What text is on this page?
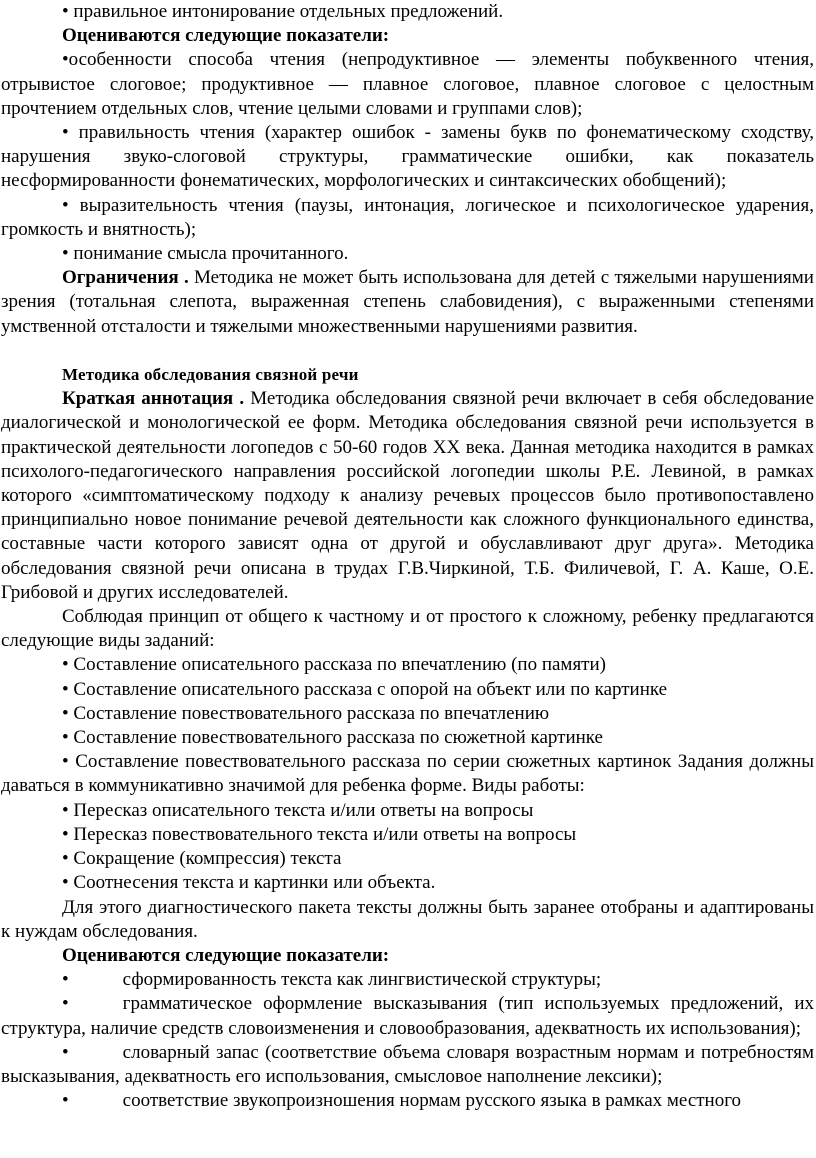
• правильное интонирование отдельных предложений.

Оцениваются следующие показатели:

•особенности способа чтения (непродуктивное — элементы побуквенного чтения, отрывистое слоговое; продуктивное — плавное слоговое, плавное слоговое с целостным прочтением отдельных слов, чтение целыми словами и группами слов);

• правильность чтения (характер ошибок - замены букв по фонематическому сходству, нарушения звуко-слоговой структуры, грамматические ошибки, как показатель несформированности фонематических, морфологических и синтаксических обобщений);

• выразительность чтения (паузы, интонация, логическое и психологическое ударения, громкость и внятность);

• понимание смысла прочитанного.

Ограничения . Методика не может быть использована для детей с тяжелыми нарушениями зрения (тотальная слепота, выраженная степень слабовидения), с выраженными степенями умственной отсталости и тяжелыми множественными нарушениями развития.

Методика обследования связной речи

Краткая аннотация . Методика обследования связной речи включает в себя обследование диалогической и монологической ее форм. Методика обследования связной речи используется в практической деятельности логопедов с 50-60 годов XX века. Данная методика находится в рамках психолого-педагогического направления российской логопедии школы Р.Е. Левиной, в рамках которого «симптоматическому подходу к анализу речевых процессов было противопоставлено принципиально новое понимание речевой деятельности как сложного функционального единства, составные части которого зависят одна от другой и обуславливают друг друга». Методика обследования связной речи описана в трудах Г.В.Чиркиной, Т.Б. Филичевой, Г. А. Каше, О.Е. Грибовой и других исследователей.

Соблюдая принцип от общего к частному и от простого к сложному, ребенку предлагаются следующие виды заданий:

• Составление описательного рассказа по впечатлению (по памяти)

• Составление описательного рассказа с опорой на объект или по картинке

• Составление повествовательного рассказа по впечатлению

• Составление повествовательного рассказа по сюжетной картинке

• Составление повествовательного рассказа по серии сюжетных картинок Задания должны даваться в коммуникативно значимой для ребенка форме. Виды работы:

• Пересказ описательного текста и/или ответы на вопросы

• Пересказ повествовательного текста и/или ответы на вопросы

• Сокращение (компрессия) текста

• Соотнесения текста и картинки или объекта.

Для этого диагностического пакета тексты должны быть заранее отобраны и адаптированы к нуждам обследования.

Оцениваются следующие показатели:

•	сформированность текста как лингвистической структуры;

•	грамматическое оформление высказывания (тип используемых предложений, их структура, наличие средств словоизменения и словообразования, адекватность их использования);

•	словарный запас (соответствие объема словаря возрастным нормам и потребностям высказывания, адекватность его использования, смысловое наполнение лексики);

•	соответствие звукопроизношения нормам русского языка в рамках местного
